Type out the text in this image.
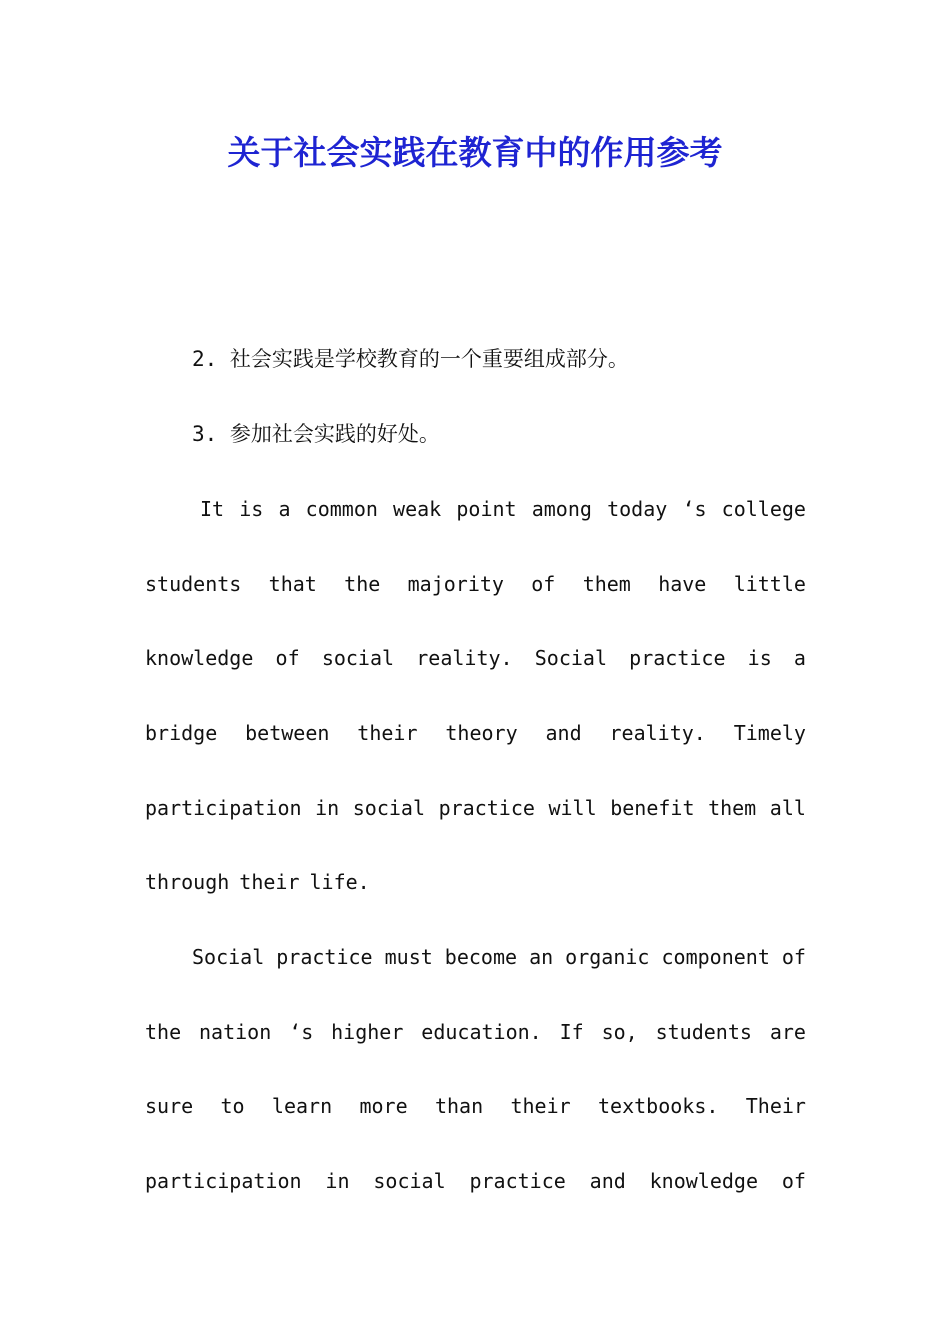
关于社会实践在教育中的作用参考

2. 社会实践是学校教育的一个重要组成部分。

3. 参加社会实践的好处。

It is a common weak point among today ‘s college

students that the majority of them have little

knowledge of social reality. Social practice is a

bridge between their theory and reality. Timely

participation in social practice will benefit them all

through their life.

Social practice must become an organic component of

the nation ‘s higher education. If so, students are

sure to learn more than their textbooks. Their

participation in social practice and knowledge of
